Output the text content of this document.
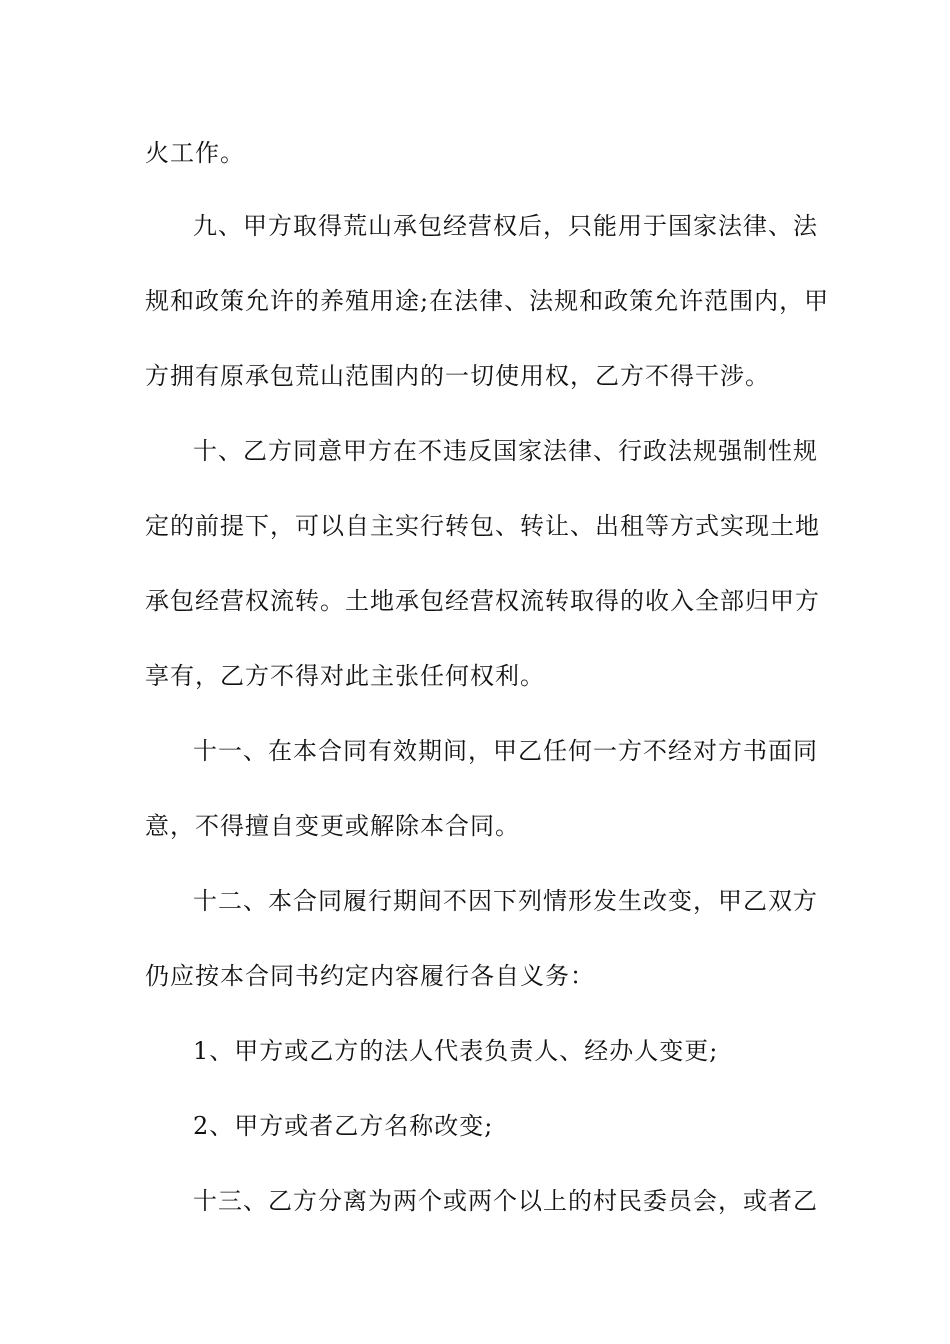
火工作。

九、甲方取得荒山承包经营权后，只能用于国家法律、法

规和政策允许的养殖用途;在法律、法规和政策允许范围内，甲

方拥有原承包荒山范围内的一切使用权，乙方不得干涉。

十、乙方同意甲方在不违反国家法律、行政法规强制性规

定的前提下，可以自主实行转包、转让、出租等方式实现土地

承包经营权流转。土地承包经营权流转取得的收入全部归甲方

享有，乙方不得对此主张任何权利。

十一、在本合同有效期间，甲乙任何一方不经对方书面同

意，不得擅自变更或解除本合同。

十二、本合同履行期间不因下列情形发生改变，甲乙双方

仍应按本合同书约定内容履行各自义务：

1、甲方或乙方的法人代表负责人、经办人变更;

2、甲方或者乙方名称改变;

十三、乙方分离为两个或两个以上的村民委员会，或者乙
